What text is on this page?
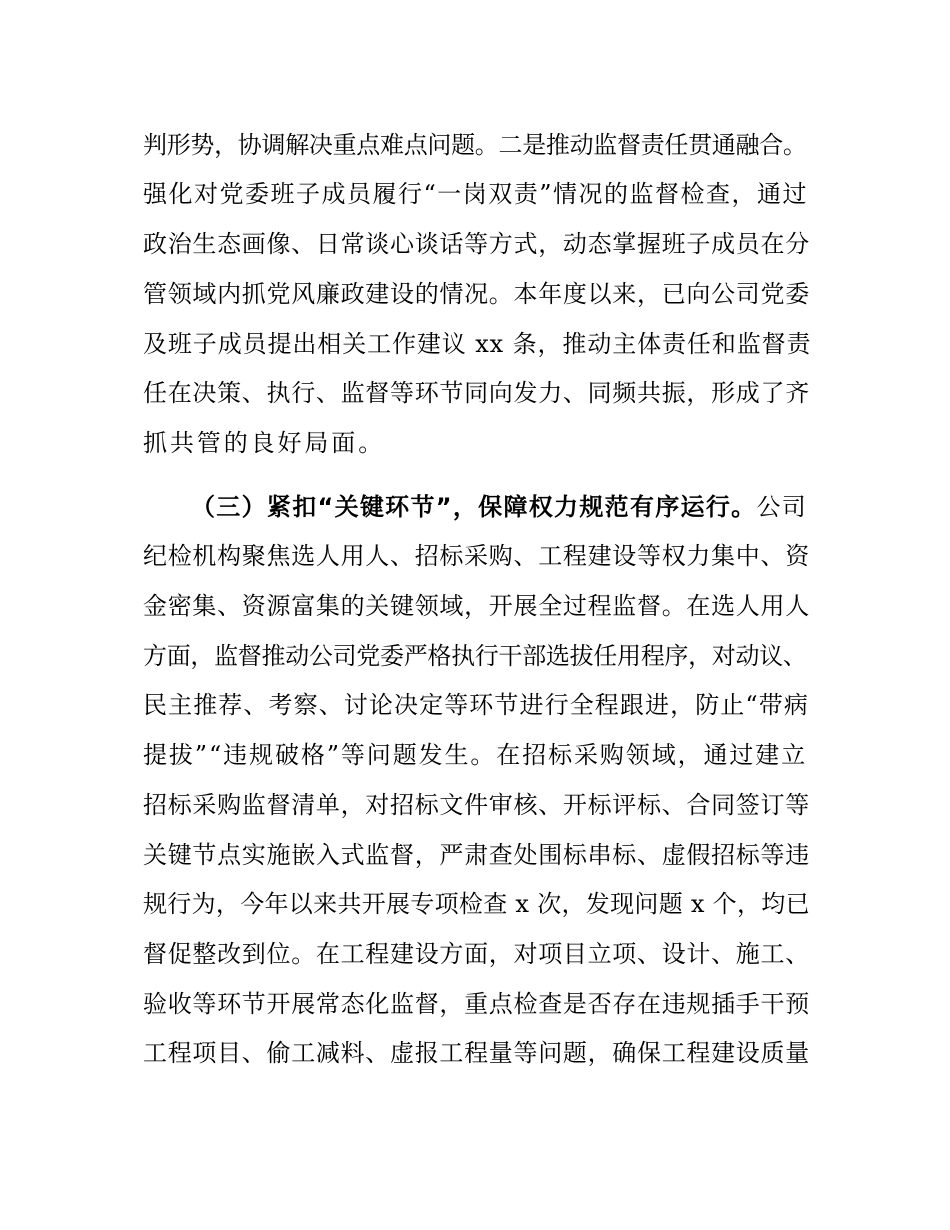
判形势，协调解决重点难点问题。二是推动监督责任贯通融合。
强化对党委班子成员履行“一岗双责”情况的监督检查，通过
政治生态画像、日常谈心谈话等方式，动态掌握班子成员在分
管领域内抓党风廉政建设的情况。本年度以来，已向公司党委
及班子成员提出相关工作建议 xx 条，推动主体责任和监督责
任在决策、执行、监督等环节同向发力、同频共振，形成了齐
抓共管的良好局面。
（三）紧扣“关键环节”，保障权力规范有序运行。公司
纪检机构聚焦选人用人、招标采购、工程建设等权力集中、资
金密集、资源富集的关键领域，开展全过程监督。在选人用人
方面，监督推动公司党委严格执行干部选拔任用程序，对动议、
民主推荐、考察、讨论决定等环节进行全程跟进，防止“带病
提拔”“违规破格”等问题发生。在招标采购领域，通过建立
招标采购监督清单，对招标文件审核、开标评标、合同签订等
关键节点实施嵌入式监督，严肃查处围标串标、虚假招标等违
规行为，今年以来共开展专项检查 x 次，发现问题 x 个，均已
督促整改到位。在工程建设方面，对项目立项、设计、施工、
验收等环节开展常态化监督，重点检查是否存在违规插手干预
工程项目、偷工减料、虚报工程量等问题，确保工程建设质量
